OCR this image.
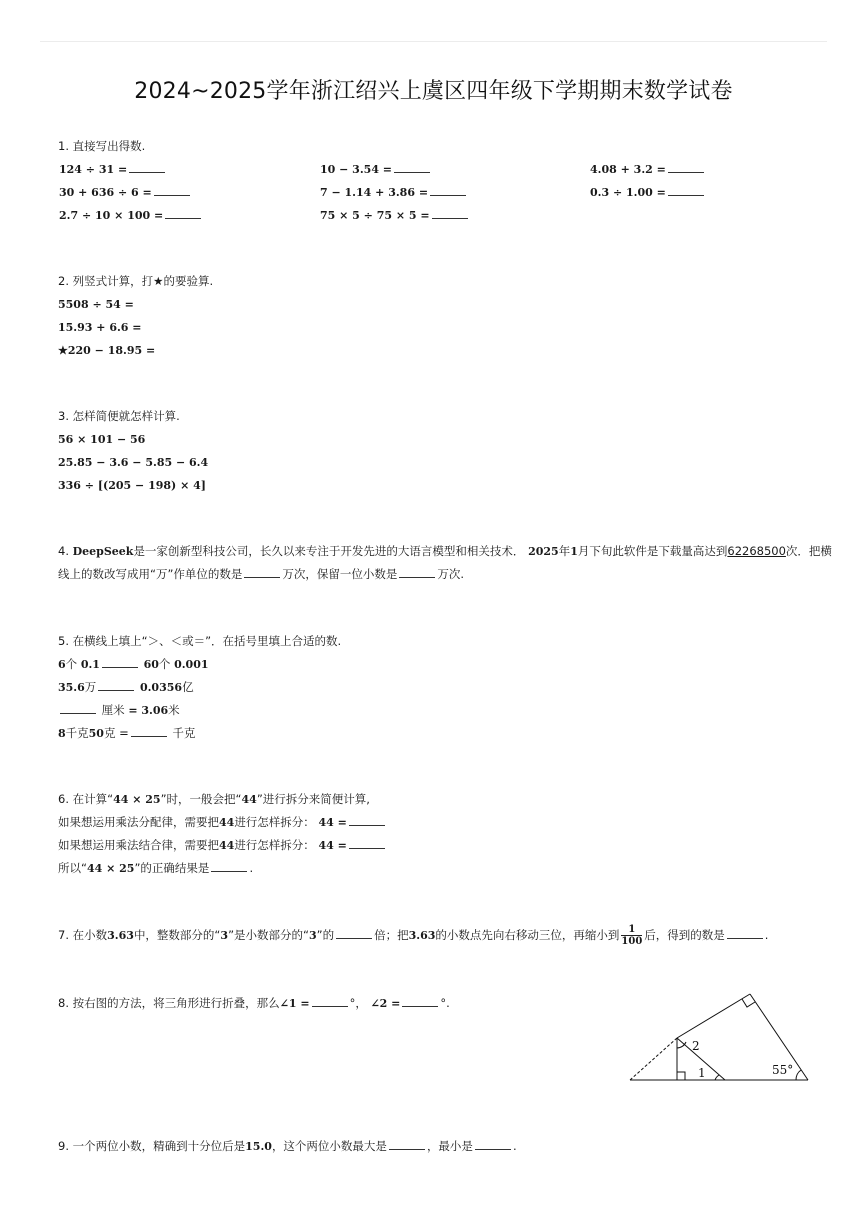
2024~2025学年浙江绍兴上虞区四年级下学期期末数学试卷
1. 直接写出得数.
124 ÷ 31 =	10 − 3.54 =	4.08 + 3.2 =
30 + 636 ÷ 6 =	7 − 1.14 + 3.86 =	0.3 ÷ 1.00 =
2.7 ÷ 10 × 100 =	75 × 5 ÷ 75 × 5 =
2. 列竖式计算，打★的要验算.
5508 ÷ 54 =
15.93 + 6.6 =
★220 − 18.95 =
3. 怎样简便就怎样计算.
56 × 101 − 56
25.85 − 3.6 − 5.85 − 6.4
336 ÷ [(205 − 198) × 4]
4. DeepSeek是一家创新型科技公司，长久以来专注于开发先进的大语言模型和相关技术． 2025年1月下旬此软件是下载量高达到62268500次．把横
线上的数改写成用“万”作单位的数是	万次，保留一位小数是	万次.
5. 在横线上填上“＞、＜或＝”．在括号里填上合适的数.
6个 0.1	60个 0.001
35.6万	0.0356亿
厘米 = 3.06米
8千克50克 =	千克
6. 在计算“44 × 25”时，一般会把“44”进行拆分来简便计算,
如果想运用乘法分配律，需要把44进行怎样拆分： 44 =
如果想运用乘法结合律，需要把44进行怎样拆分： 44 =
所以“44 × 25”的正确结果是	.
7. 在小数3.63中，整数部分的“3”是小数部分的“3”的	倍；把3.63的小数点先向右移动三位，再缩小到 $\frac{1}{100}$ 后，得到的数是	.
8. 按右图的方法，将三角形进行折叠，那么∠1 =	°， ∠2 =	°.
2
1	55°
9. 一个两位小数，精确到十分位后是15.0，这个两位小数最大是	，最小是	.
